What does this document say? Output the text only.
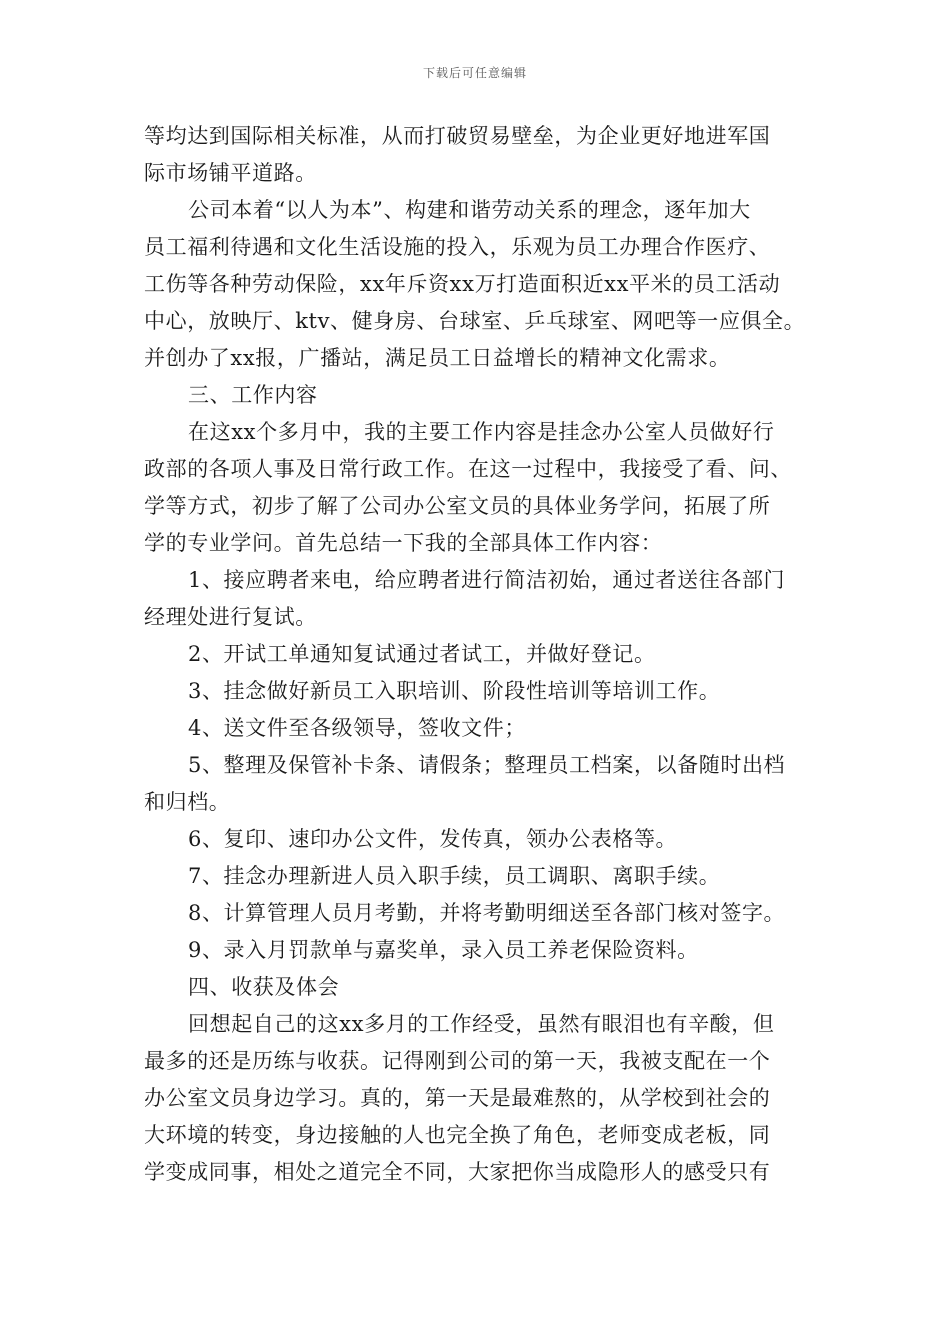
下载后可任意编辑
等均达到国际相关标准，从而打破贸易壁垒，为企业更好地进军国
际市场铺平道路。
公司本着“以人为本”、构建和谐劳动关系的理念，逐年加大
员工福利待遇和文化生活设施的投入，乐观为员工办理合作医疗、
工伤等各种劳动保险，xx年斥资xx万打造面积近xx平米的员工活动
中心，放映厅、ktv、健身房、台球室、乒乓球室、网吧等一应俱全。
并创办了xx报，广播站，满足员工日益增长的精神文化需求。
三、工作内容
在这xx个多月中，我的主要工作内容是挂念办公室人员做好行
政部的各项人事及日常行政工作。在这一过程中，我接受了看、问、
学等方式，初步了解了公司办公室文员的具体业务学问，拓展了所
学的专业学问。首先总结一下我的全部具体工作内容：
1、接应聘者来电，给应聘者进行简洁初始，通过者送往各部门
经理处进行复试。
2、开试工单通知复试通过者试工，并做好登记。
3、挂念做好新员工入职培训、阶段性培训等培训工作。
4、送文件至各级领导，签收文件；
5、整理及保管补卡条、请假条；整理员工档案，以备随时出档
和归档。
6、复印、速印办公文件，发传真，领办公表格等。
7、挂念办理新进人员入职手续，员工调职、离职手续。
8、计算管理人员月考勤，并将考勤明细送至各部门核对签字。
9、录入月罚款单与嘉奖单，录入员工养老保险资料。
四、收获及体会
回想起自己的这xx多月的工作经受，虽然有眼泪也有辛酸，但
最多的还是历练与收获。记得刚到公司的第一天，我被支配在一个
办公室文员身边学习。真的，第一天是最难熬的，从学校到社会的
大环境的转变，身边接触的人也完全换了角色，老师变成老板，同
学变成同事，相处之道完全不同，大家把你当成隐形人的感受只有
